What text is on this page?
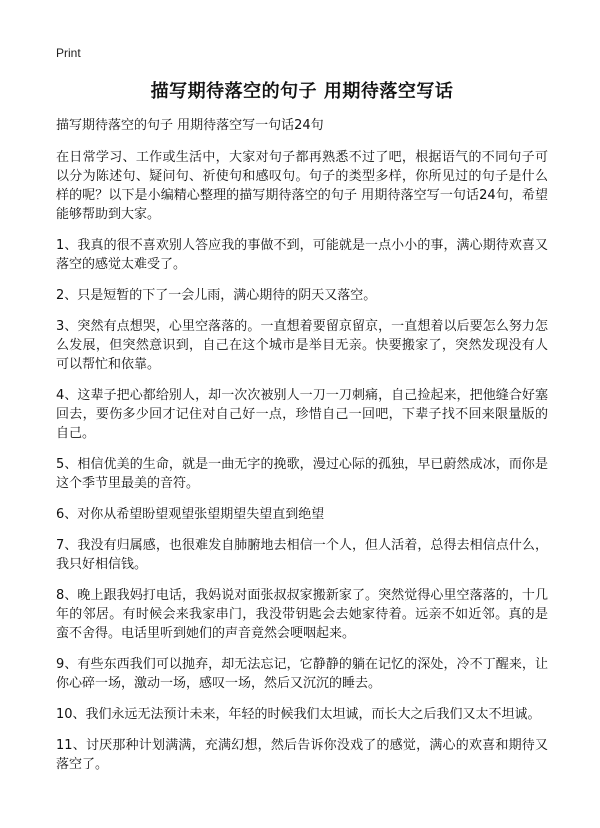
Print

描写期待落空的句子 用期待落空写话

描写期待落空的句子 用期待落空写一句话24句

在日常学习、工作或生活中，大家对句子都再熟悉不过了吧，根据语气的不同句子可以分为陈述句、疑问句、祈使句和感叹句。句子的类型多样，你所见过的句子是什么样的呢？以下是小编精心整理的描写期待落空的句子 用期待落空写一句话24句，希望能够帮助到大家。

1、我真的很不喜欢别人答应我的事做不到，可能就是一点小小的事，满心期待欢喜又落空的感觉太难受了。

2、只是短暂的下了一会儿雨，满心期待的阴天又落空。

3、突然有点想哭，心里空落落的。一直想着要留京留京，一直想着以后要怎么努力怎么发展，但突然意识到，自己在这个城市是举目无亲。快要搬家了，突然发现没有人可以帮忙和依靠。

4、这辈子把心都给别人，却一次次被别人一刀一刀刺痛，自己捡起来，把他缝合好塞回去，要伤多少回才记住对自己好一点，珍惜自己一回吧，下辈子找不回来限量版的自己。

5、相信优美的生命，就是一曲无字的挽歌，漫过心际的孤独，早已蔚然成冰，而你是这个季节里最美的音符。

6、对你从希望盼望观望张望期望失望直到绝望

7、我没有归属感，也很难发自肺腑地去相信一个人，但人活着，总得去相信点什么，我只好相信钱。

8、晚上跟我妈打电话，我妈说对面张叔叔家搬新家了。突然觉得心里空落落的，十几年的邻居。有时候会来我家串门，我没带钥匙会去她家待着。远亲不如近邻。真的是蛮不舍得。电话里听到她们的声音竟然会哽咽起来。

9、有些东西我们可以抛弃，却无法忘记，它静静的躺在记忆的深处，冷不丁醒来，让你心碎一场，激动一场，感叹一场，然后又沉沉的睡去。

10、我们永远无法预计未来，年轻的时候我们太坦诚，而长大之后我们又太不坦诚。

11、讨厌那种计划满满，充满幻想，然后告诉你没戏了的感觉，满心的欢喜和期待又落空了。
